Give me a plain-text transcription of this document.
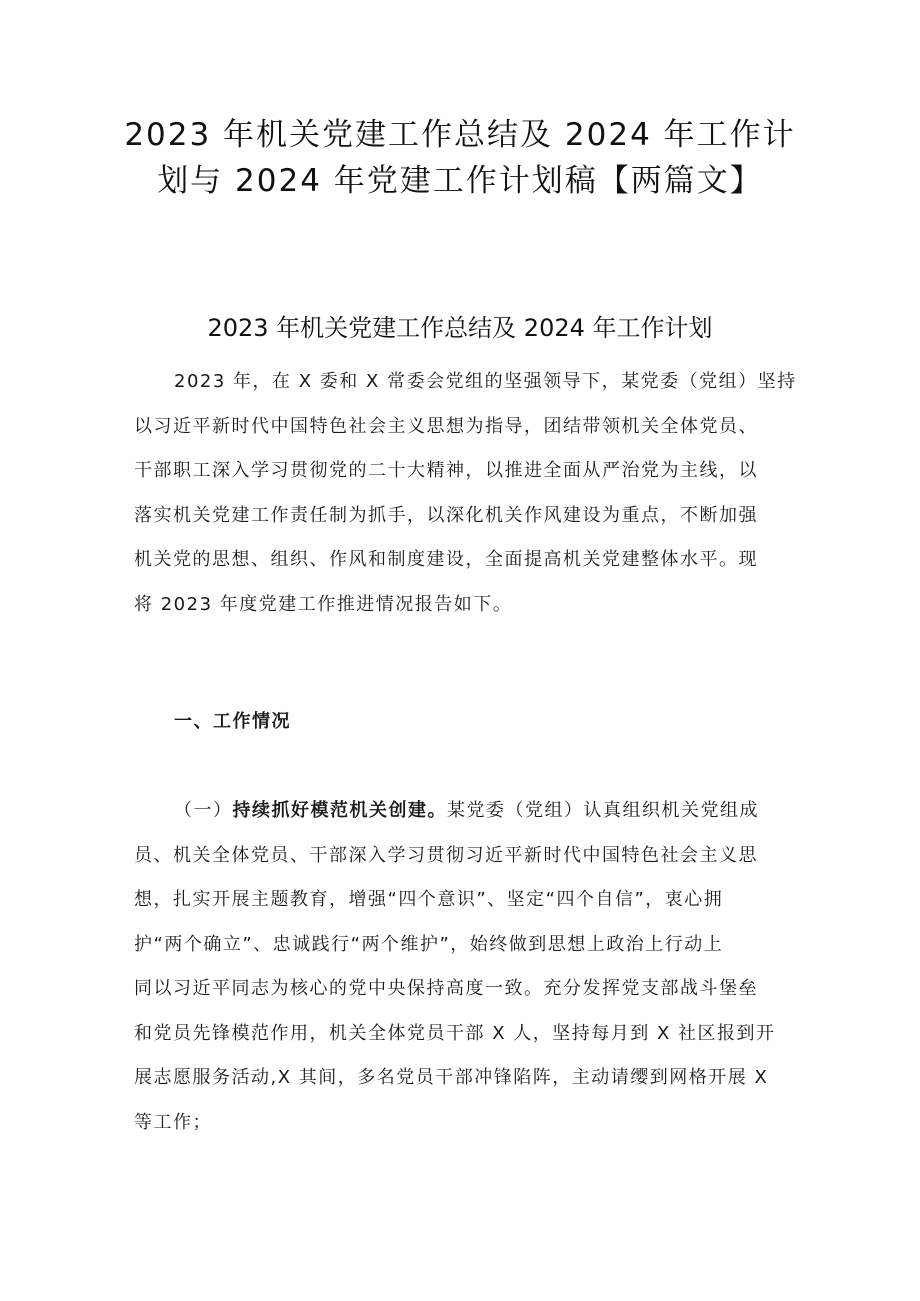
2023 年机关党建工作总结及 2024 年工作计
划与 2024 年党建工作计划稿【两篇文】
2023 年机关党建工作总结及 2024 年工作计划
2023 年，在 X 委和 X 常委会党组的坚强领导下，某党委（党组）坚持
以习近平新时代中国特色社会主义思想为指导，团结带领机关全体党员、
干部职工深入学习贯彻党的二十大精神，以推进全面从严治党为主线，以
落实机关党建工作责任制为抓手，以深化机关作风建设为重点，不断加强
机关党的思想、组织、作风和制度建设，全面提高机关党建整体水平。现
将 2023 年度党建工作推进情况报告如下。
一、工作情况
（一）持续抓好模范机关创建。某党委（党组）认真组织机关党组成
员、机关全体党员、干部深入学习贯彻习近平新时代中国特色社会主义思
想，扎实开展主题教育，增强“四个意识”、坚定“四个自信”，衷心拥
护“两个确立”、忠诚践行“两个维护”，始终做到思想上政治上行动上
同以习近平同志为核心的党中央保持高度一致。充分发挥党支部战斗堡垒
和党员先锋模范作用，机关全体党员干部 X 人，坚持每月到 X 社区报到开
展志愿服务活动,X 其间，多名党员干部冲锋陷阵，主动请缨到网格开展 X
等工作；
